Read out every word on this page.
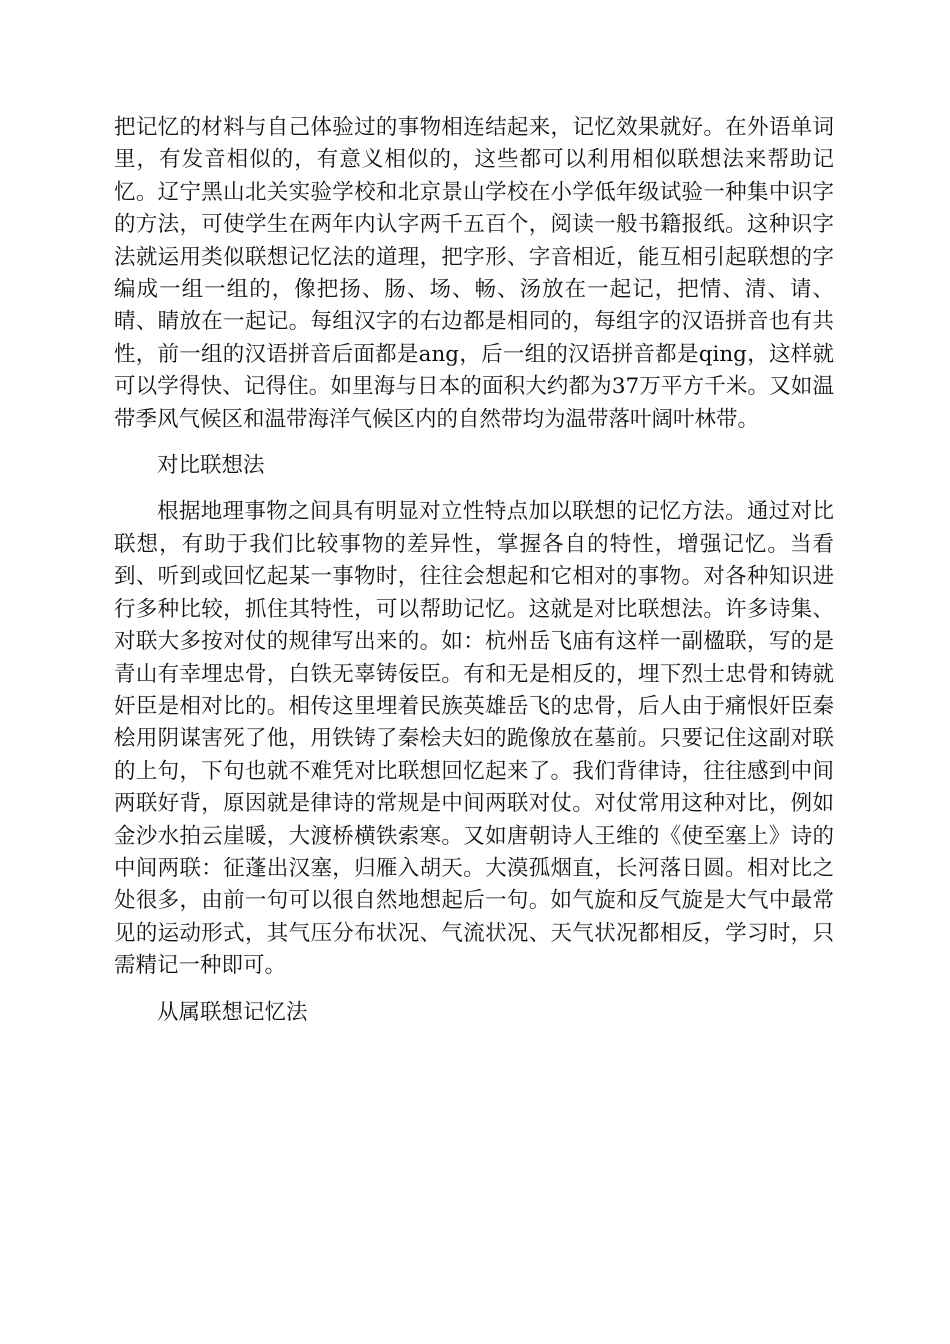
把记忆的材料与自己体验过的事物相连结起来，记忆效果就好。在外语单词里，有发音相似的，有意义相似的，这些都可以利用相似联想法来帮助记忆。辽宁黑山北关实验学校和北京景山学校在小学低年级试验一种集中识字的方法，可使学生在两年内认字两千五百个，阅读一般书籍报纸。这种识字法就运用类似联想记忆法的道理，把字形、字音相近，能互相引起联想的字编成一组一组的，像把扬、肠、场、畅、汤放在一起记，把情、清、请、晴、睛放在一起记。每组汉字的右边都是相同的，每组字的汉语拼音也有共性，前一组的汉语拼音后面都是ang，后一组的汉语拼音都是qing，这样就可以学得快、记得住。如里海与日本的面积大约都为37万平方千米。又如温带季风气候区和温带海洋气候区内的自然带均为温带落叶阔叶林带。

对比联想法

根据地理事物之间具有明显对立性特点加以联想的记忆方法。通过对比联想，有助于我们比较事物的差异性，掌握各自的特性，增强记忆。当看到、听到或回忆起某一事物时，往往会想起和它相对的事物。对各种知识进行多种比较，抓住其特性，可以帮助记忆。这就是对比联想法。许多诗集、对联大多按对仗的规律写出来的。如：杭州岳飞庙有这样一副楹联，写的是青山有幸埋忠骨，白铁无辜铸佞臣。有和无是相反的，埋下烈士忠骨和铸就奸臣是相对比的。相传这里埋着民族英雄岳飞的忠骨，后人由于痛恨奸臣秦桧用阴谋害死了他，用铁铸了秦桧夫妇的跪像放在墓前。只要记住这副对联的上句，下句也就不难凭对比联想回忆起来了。我们背律诗，往往感到中间两联好背，原因就是律诗的常规是中间两联对仗。对仗常用这种对比，例如金沙水拍云崖暖，大渡桥横铁索寒。又如唐朝诗人王维的《使至塞上》诗的中间两联：征蓬出汉塞，归雁入胡天。大漠孤烟直，长河落日圆。相对比之处很多，由前一句可以很自然地想起后一句。如气旋和反气旋是大气中最常见的运动形式，其气压分布状况、气流状况、天气状况都相反，学习时，只需精记一种即可。

从属联想记忆法
